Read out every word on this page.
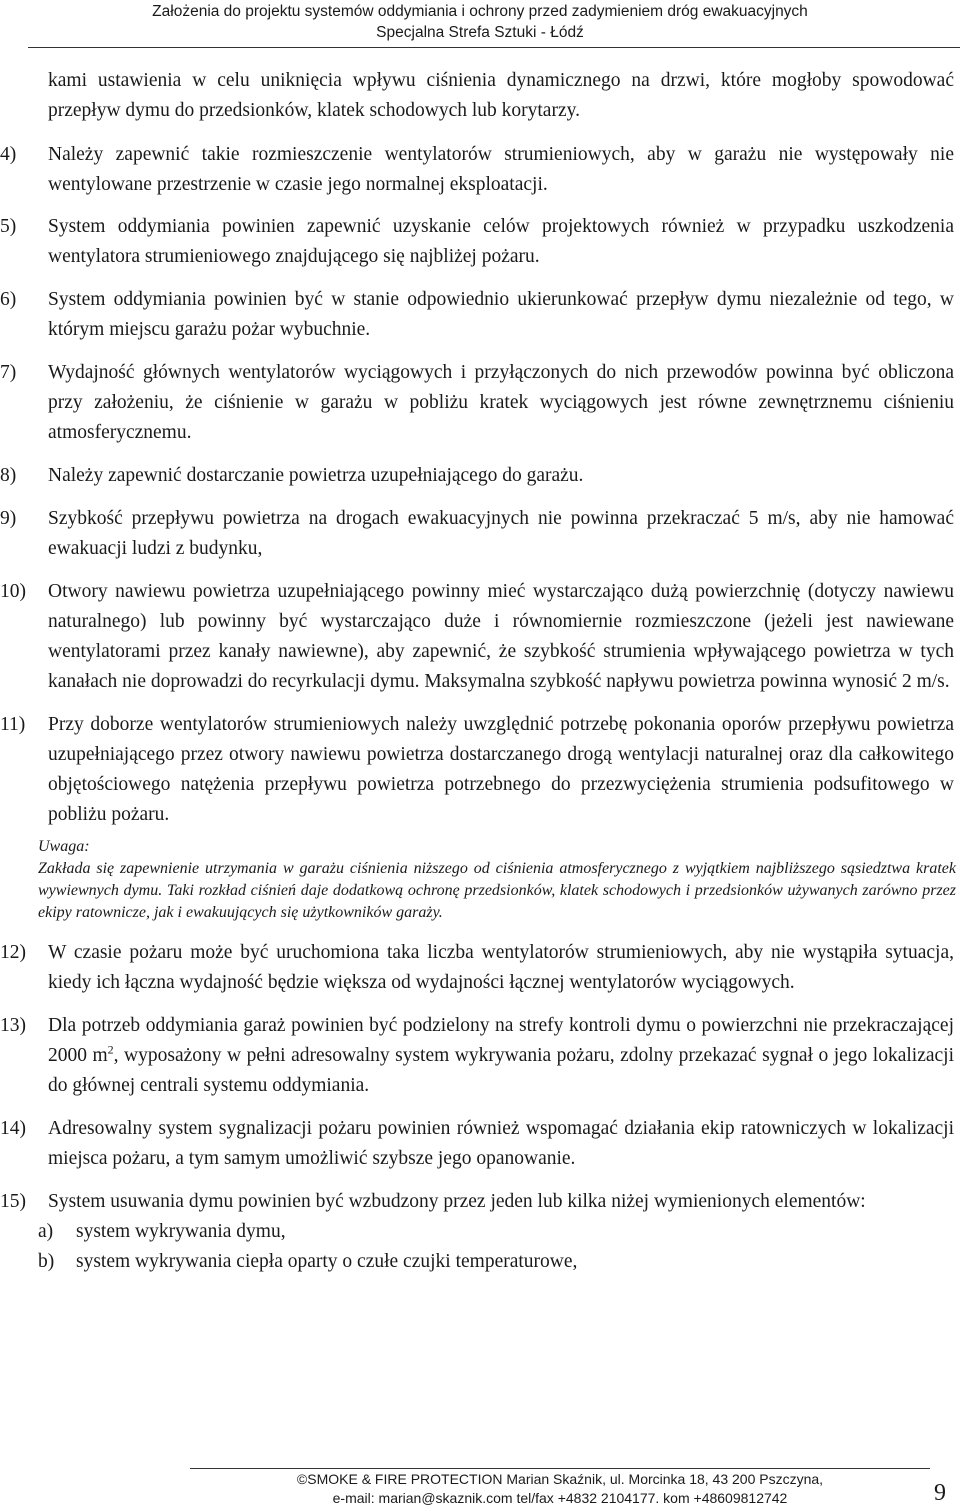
Założenia do projektu systemów oddymiania i ochrony przed zadymieniem dróg ewakuacyjnych
Specjalna Strefa Sztuki - Łódź
kami ustawienia w celu uniknięcia wpływu ciśnienia dynamicznego na drzwi, które mogłoby spowodować przepływ dymu do przedsionków, klatek schodowych lub korytarzy.
4) Należy zapewnić takie rozmieszczenie wentylatorów strumieniowych, aby w garażu nie występowały nie wentylowane przestrzenie w czasie jego normalnej eksploatacji.
5) System oddymiania powinien zapewnić uzyskanie celów projektowych również w przypadku uszkodzenia wentylatora strumieniowego znajdującego się najbliżej pożaru.
6) System oddymiania powinien być w stanie odpowiednio ukierunkować przepływ dymu niezależnie od tego, w którym miejscu garażu pożar wybuchnie.
7) Wydajność głównych wentylatorów wyciągowych i przyłączonych do nich przewodów powinna być obliczona przy założeniu, że ciśnienie w garażu w pobliżu kratek wyciągowych jest równe zewnętrznemu ciśnieniu atmosferycznemu.
8) Należy zapewnić dostarczanie powietrza uzupełniającego do garażu.
9) Szybkość przepływu powietrza na drogach ewakuacyjnych nie powinna przekraczać 5 m/s, aby nie hamować ewakuacji ludzi z budynku,
10) Otwory nawiewu powietrza uzupełniającego powinny mieć wystarczająco dużą powierzchnię (dotyczy nawiewu naturalnego) lub powinny być wystarczająco duże i równomiernie rozmieszczone (jeżeli jest nawiewane wentylatorami przez kanały nawiewne), aby zapewnić, że szybkość strumienia wpływającego powietrza w tych kanałach nie doprowadzi do recyrkulacji dymu. Maksymalna szybkość napływu powietrza powinna wynosić 2 m/s.
11) Przy doborze wentylatorów strumieniowych należy uwzględnić potrzebę pokonania oporów przepływu powietrza uzupełniającego przez otwory nawiewu powietrza dostarczanego drogą wentylacji naturalnej oraz dla całkowitego objętościowego natężenia przepływu powietrza potrzebnego do przezwyciężenia strumienia podsufitowego w pobliżu pożaru.
Uwaga:
Zakłada się zapewnienie utrzymania w garażu ciśnienia niższego od ciśnienia atmosferycznego z wyjątkiem najbliższego sąsiedztwa kratek wywiewnych dymu. Taki rozkład ciśnień daje dodatkową ochronę przedsionków, klatek schodowych i przedsionków używanych zarówno przez ekipy ratownicze, jak i ewakuujących się użytkowników garaży.
12) W czasie pożaru może być uruchomiona taka liczba wentylatorów strumieniowych, aby nie wystąpiła sytuacja, kiedy ich łączna wydajność będzie większa od wydajności łącznej wentylatorów wyciągowych.
13) Dla potrzeb oddymiania garaż powinien być podzielony na strefy kontroli dymu o powierzchni nie przekraczającej 2000 $m^2$, wyposażony w pełni adresowalny system wykrywania pożaru, zdolny przekazać sygnał o jego lokalizacji do głównej centrali systemu oddymiania.
14) Adresowalny system sygnalizacji pożaru powinien również wspomagać działania ekip ratowniczych w lokalizacji miejsca pożaru, a tym samym umożliwić szybsze jego opanowanie.
15) System usuwania dymu powinien być wzbudzony przez jeden lub kilka niżej wymienionych elementów:
a) system wykrywania dymu,
b) system wykrywania ciepła oparty o czułe czujki temperaturowe,
©SMOKE & FIRE PROTECTION Marian Skaźnik, ul. Morcinka 18, 43 200 Pszczyna,
e-mail: marian@skaznik.com tel/fax +4832 2104177. kom +48609812742	9
